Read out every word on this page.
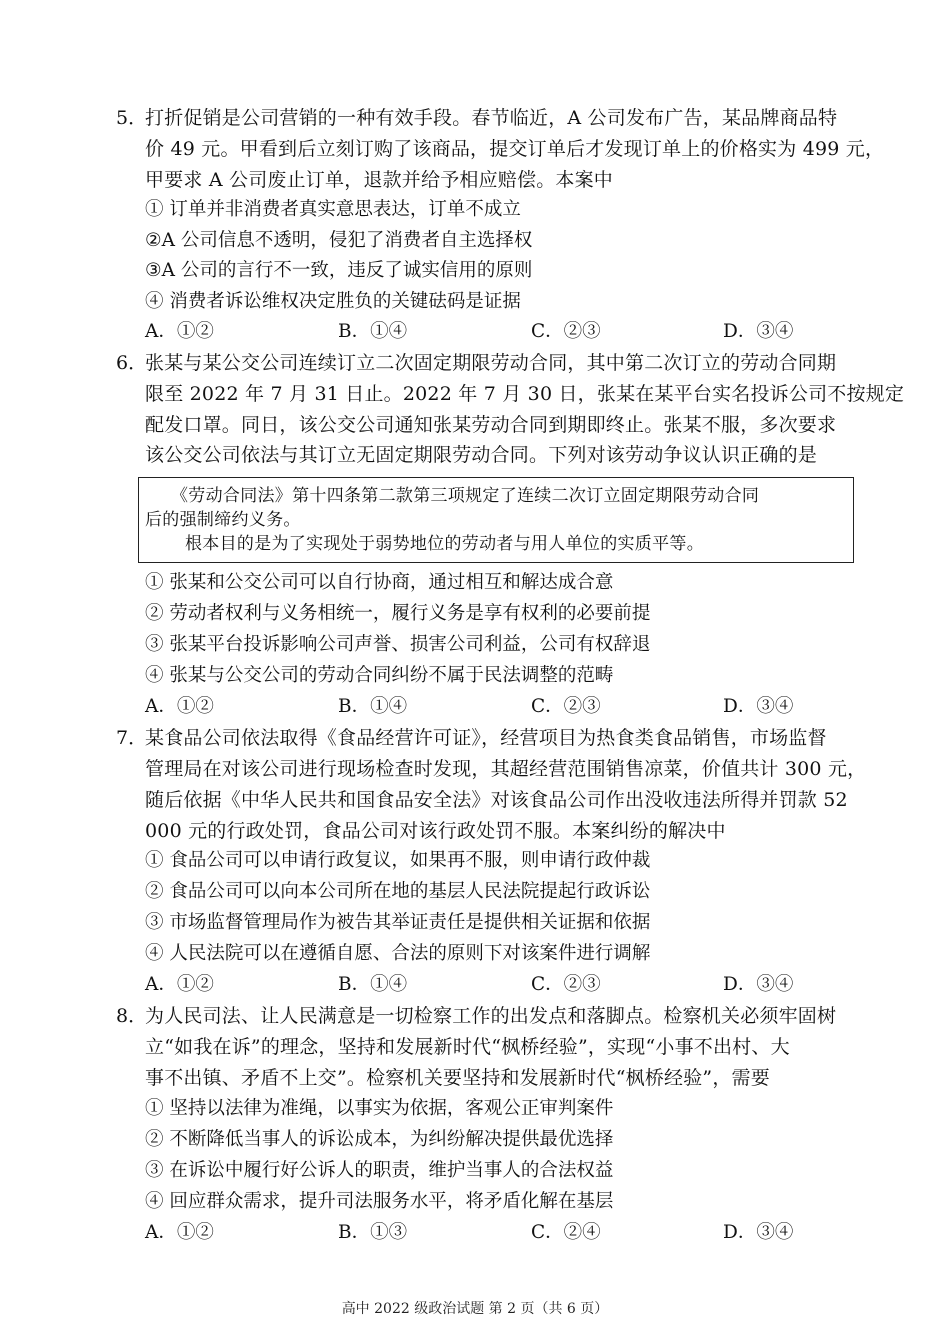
5．
打折促销是公司营销的一种有效手段。春节临近，A 公司发布广告，某品牌商品特
价 49 元。甲看到后立刻订购了该商品，提交订单后才发现订单上的价格实为 499 元，
甲要求 A 公司废止订单，退款并给予相应赔偿。本案中
① 订单并非消费者真实意思表达，订单不成立
②A 公司信息不透明，侵犯了消费者自主选择权
③A 公司的言行不一致，违反了诚实信用的原则
④ 消费者诉讼维权决定胜负的关键砝码是证据
A．①②	B．①④	C．②③	D．③④
6．
张某与某公交公司连续订立二次固定期限劳动合同，其中第二次订立的劳动合同期
限至 2022 年 7 月 31 日止。2022 年 7 月 30 日，张某在某平台实名投诉公司不按规定
配发口罩。同日，该公交公司通知张某劳动合同到期即终止。张某不服，多次要求
该公交公司依法与其订立无固定期限劳动合同。下列对该劳动争议认识正确的是
《劳动合同法》第十四条第二款第三项规定了连续二次订立固定期限劳动合同
后的强制缔约义务。
根本目的是为了实现处于弱势地位的劳动者与用人单位的实质平等。
① 张某和公交公司可以自行协商，通过相互和解达成合意
② 劳动者权利与义务相统一，履行义务是享有权利的必要前提
③ 张某平台投诉影响公司声誉、损害公司利益，公司有权辞退
④ 张某与公交公司的劳动合同纠纷不属于民法调整的范畴
A．①②	B．①④	C．②③	D．③④
7．
某食品公司依法取得《食品经营许可证》，经营项目为热食类食品销售，市场监督
管理局在对该公司进行现场检查时发现，其超经营范围销售凉菜，价值共计 300 元，
随后依据《中华人民共和国食品安全法》对该食品公司作出没收违法所得并罚款 52
000 元的行政处罚，食品公司对该行政处罚不服。本案纠纷的解决中
① 食品公司可以申请行政复议，如果再不服，则申请行政仲裁
② 食品公司可以向本公司所在地的基层人民法院提起行政诉讼
③ 市场监督管理局作为被告其举证责任是提供相关证据和依据
④ 人民法院可以在遵循自愿、合法的原则下对该案件进行调解
A．①②	B．①④	C．②③	D．③④
8．
为人民司法、让人民满意是一切检察工作的出发点和落脚点。检察机关必须牢固树
立“如我在诉”的理念，坚持和发展新时代“枫桥经验”，实现“小事不出村、大
事不出镇、矛盾不上交”。检察机关要坚持和发展新时代“枫桥经验”，需要
① 坚持以法律为准绳，以事实为依据，客观公正审判案件
② 不断降低当事人的诉讼成本，为纠纷解决提供最优选择
③ 在诉讼中履行好公诉人的职责，维护当事人的合法权益
④ 回应群众需求，提升司法服务水平，将矛盾化解在基层
A．①②	B．①③	C．②④	D．③④
高中 2022 级政治试题 第 2 页（共 6 页）
